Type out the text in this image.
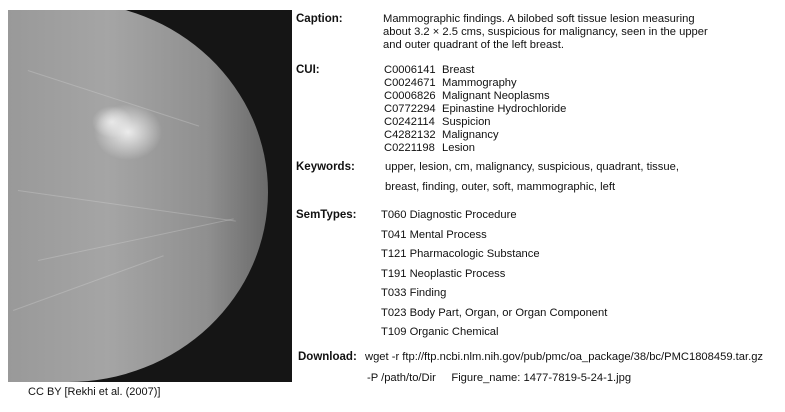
CC BY [Rekhi et al. (2007)]
Caption:	Mammographic findings. A bilobed soft tissue lesion measuring
about 3.2 × 2.5 cms, suspicious for malignancy, seen in the upper
and outer quadrant of the left breast.
CUI:	C0006141 Breast
C0024671 Mammography
C0006826 Malignant Neoplasms
C0772294 Epinastine Hydrochloride
C0242114 Suspicion
C4282132 Malignancy
C0221198 Lesion
Keywords:	upper, lesion, cm, malignancy, suspicious, quadrant, tissue,
breast, finding, outer, soft, mammographic, left
SemTypes: T060 Diagnostic Procedure
T041 Mental Process
T121 Pharmacologic Substance
T191 Neoplastic Process
T033 Finding
T023 Body Part, Organ, or Organ Component
T109 Organic Chemical
Download: wget -r ftp://ftp.ncbi.nlm.nih.gov/pub/pmc/oa_package/38/bc/PMC1808459.tar.gz
-P /path/to/Dir     Figure_name: 1477-7819-5-24-1.jpg
